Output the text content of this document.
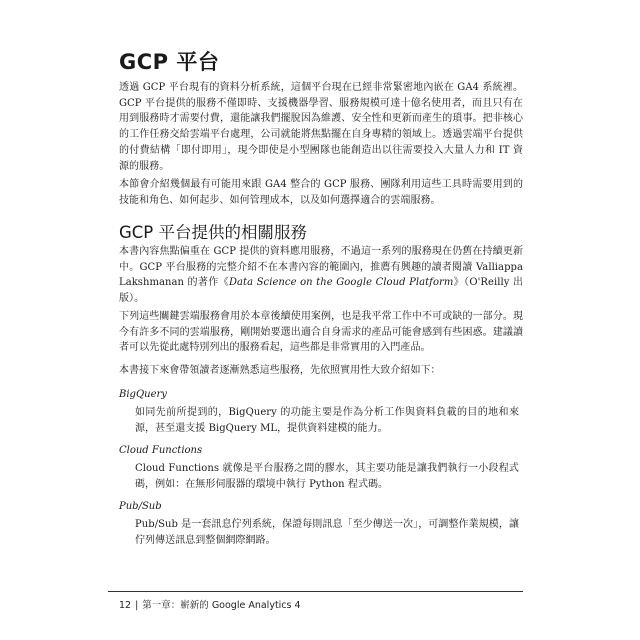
GCP 平台

透過 GCP 平台現有的資料分析系統，這個平台現在已經非常緊密地內嵌在 GA4 系統裡。GCP 平台提供的服務不僅即時、支援機器學習、服務規模可達十億名使用者，而且只有在用到服務時才需要付費，還能讓我們擺脫因為維護、安全性和更新而產生的瑣事。把非核心的工作任務交給雲端平台處理，公司就能將焦點擺在自身專精的領域上。透過雲端平台提供的付費結構「即付即用」，現今即使是小型團隊也能創造出以往需要投入大量人力和 IT 資源的服務。

本節會介紹幾個最有可能用來跟 GA4 整合的 GCP 服務、團隊利用這些工具時需要用到的技能和角色、如何起步、如何管理成本，以及如何選擇適合的雲端服務。

GCP 平台提供的相關服務

本書內容焦點偏重在 GCP 提供的資料應用服務，不過這一系列的服務現在仍舊在持續更新中。GCP 平台服務的完整介紹不在本書內容的範圍內，推薦有興趣的讀者閱讀 Valliappa Lakshmanan 的著作《Data Science on the Google Cloud Platform》（O'Reilly 出版）。

下列這些關鍵雲端服務會用於本章後續使用案例，也是我平常工作中不可或缺的一部分。現今有許多不同的雲端服務，剛開始要選出適合自身需求的產品可能會感到有些困惑。建議讀者可以先從此處特別列出的服務看起，這些都是非常實用的入門產品。

本書接下來會帶領讀者逐漸熟悉這些服務，先依照實用性大致介紹如下：

BigQuery

如同先前所提到的，BigQuery 的功能主要是作為分析工作與資料負載的目的地和來源，甚至還支援 BigQuery ML，提供資料建模的能力。

Cloud Functions

Cloud Functions 就像是平台服務之間的膠水，其主要功能是讓我們執行一小段程式碼，例如：在無形伺服器的環境中執行 Python 程式碼。

Pub/Sub

Pub/Sub 是一套訊息佇列系統，保證每則訊息「至少傳送一次」，可調整作業規模，讓佇列傳送訊息到整個網際網路。

12 | 第一章：嶄新的 Google Analytics 4
